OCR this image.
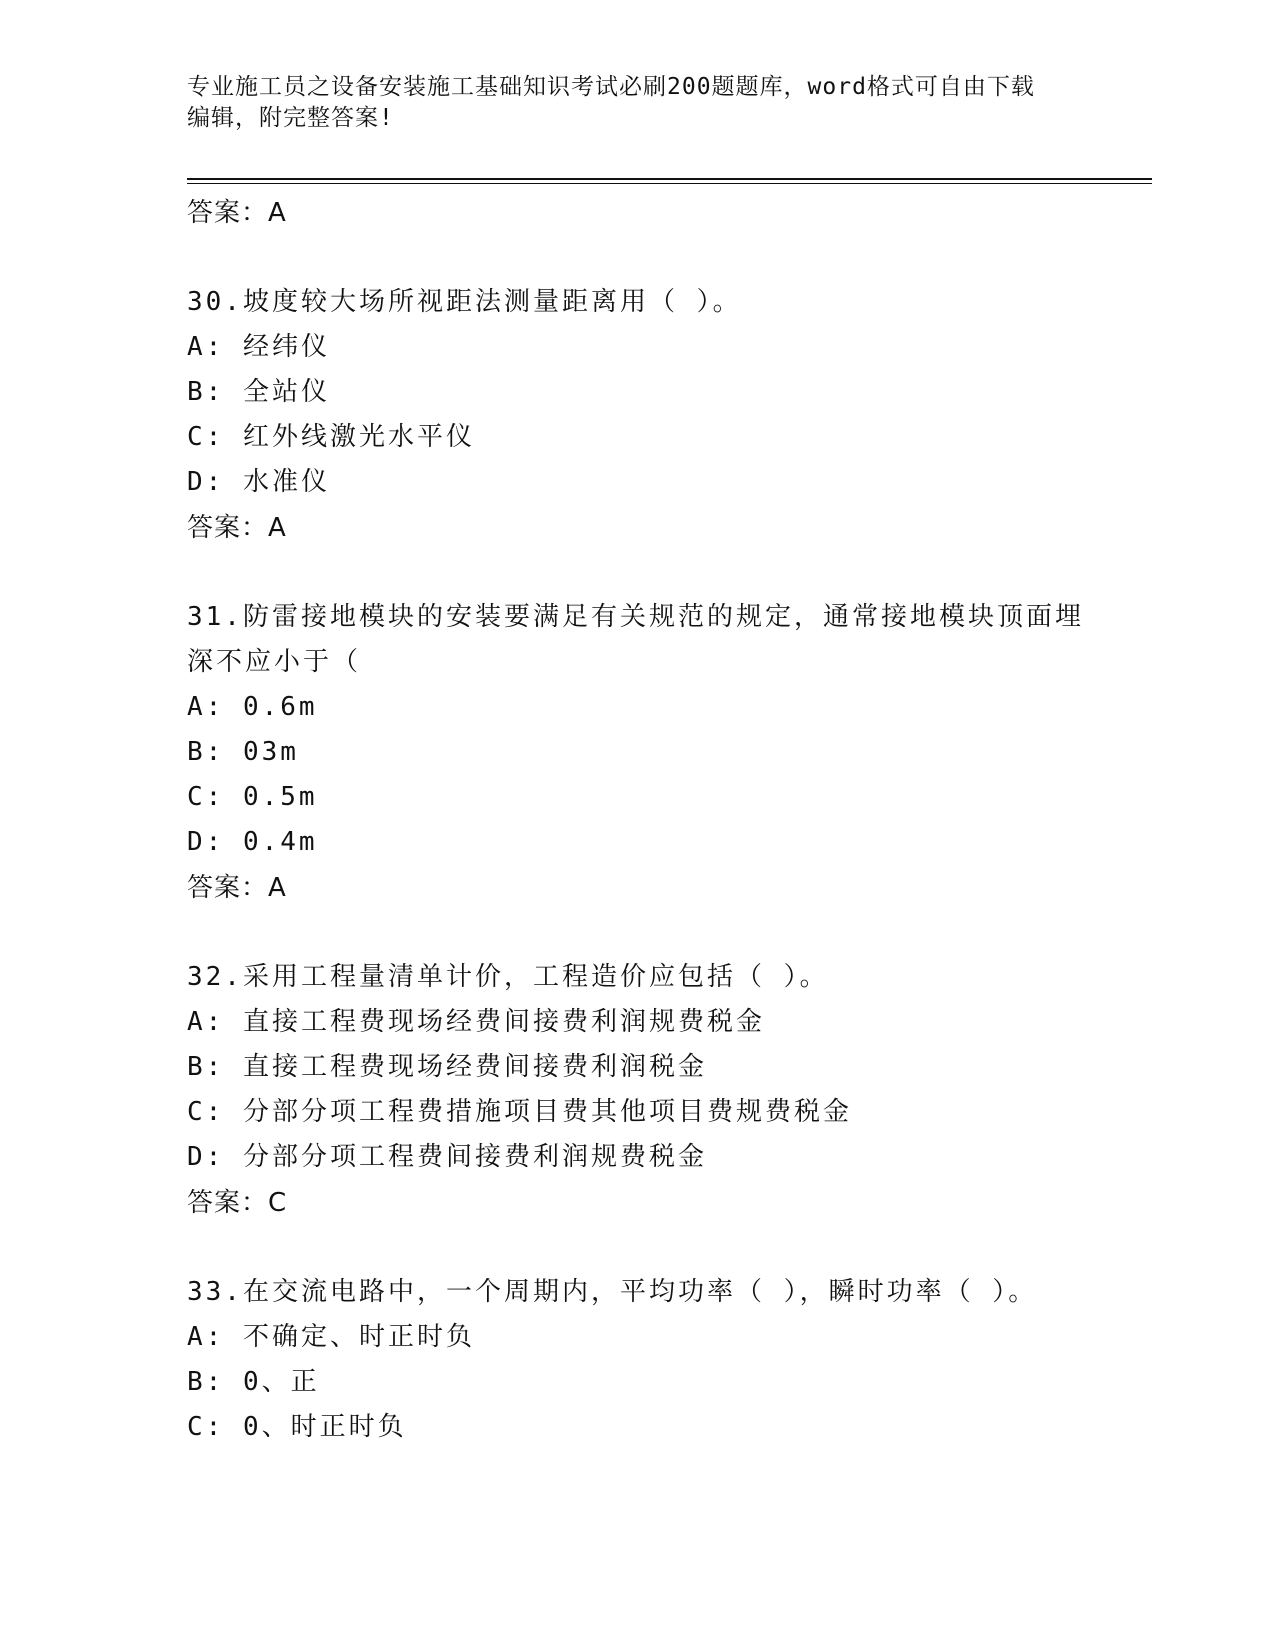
专业施工员之设备安装施工基础知识考试必刷200题题库，word格式可自由下载
编辑，附完整答案!
答案：A
30.坡度较大场所视距法测量距离用（ ）。
A: 经纬仪
B: 全站仪
C: 红外线激光水平仪
D: 水准仪
答案：A
31.防雷接地模块的安装要满足有关规范的规定，通常接地模块顶面埋深不应小于（
A: 0.6m
B: 03m
C: 0.5m
D: 0.4m
答案：A
32.采用工程量清单计价，工程造价应包括（ ）。
A: 直接工程费现场经费间接费利润规费税金
B: 直接工程费现场经费间接费利润税金
C: 分部分项工程费措施项目费其他项目费规费税金
D: 分部分项工程费间接费利润规费税金
答案：C
33.在交流电路中，一个周期内，平均功率（ ），瞬时功率（ ）。
A: 不确定、时正时负
B: 0、正
C: 0、时正时负
